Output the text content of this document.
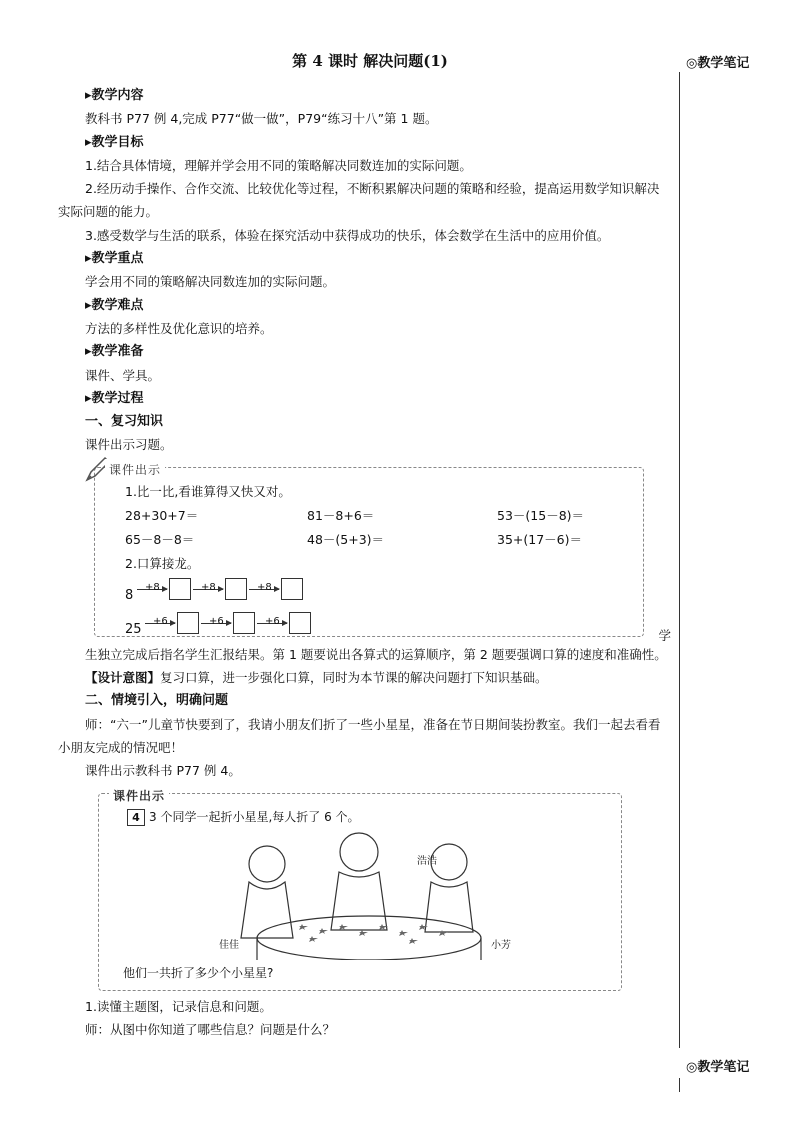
第 4 课时 解决问题(1)	◎教学笔记
◎教学笔记

▸教学内容

教科书 P77 例 4,完成 P77“做一做”，P79“练习十八”第 1 题。

▸教学目标

1.结合具体情境，理解并学会用不同的策略解决同数连加的实际问题。

2.经历动手操作、合作交流、比较优化等过程，不断积累解决问题的策略和经验，提高运用数学知识解决实际问题的能力。

3.感受数学与生活的联系，体验在探究活动中获得成功的快乐，体会数学在生活中的应用价值。

▸教学重点

学会用不同的策略解决同数连加的实际问题。

▸教学难点

方法的多样性及优化意识的培养。

▸教学准备

课件、学具。

▸教学过程

一、复习知识

课件出示习题。

课件出示
1.比一比,看谁算得又快又对。
28+30+7＝	81－8+6＝	53－(15－8)＝
65－8－8＝	48－(5+3)＝	35+(17－6)＝
2.口算接龙。
8
+8	+8	+8
25
+6	+6	+6
学

生独立完成后指名学生汇报结果。第 1 题要说出各算式的运算顺序，第 2 题要强调口算的速度和准确性。

【设计意图】复习口算，进一步强化口算，同时为本节课的解决问题打下知识基础。

二、情境引入，明确问题

师：“六一”儿童节快要到了，我请小朋友们折了一些小星星，准备在节日期间装扮教室。我们一起去看看小朋友完成的情况吧！

课件出示教科书 P77 例 4。

课件出示
4 3 个同学一起折小星星,每人折了 6 个。
佳佳
浩浩
小芳
他们一共折了多少个小星星?

1.读懂主题图，记录信息和问题。

师：从图中你知道了哪些信息？问题是什么？
